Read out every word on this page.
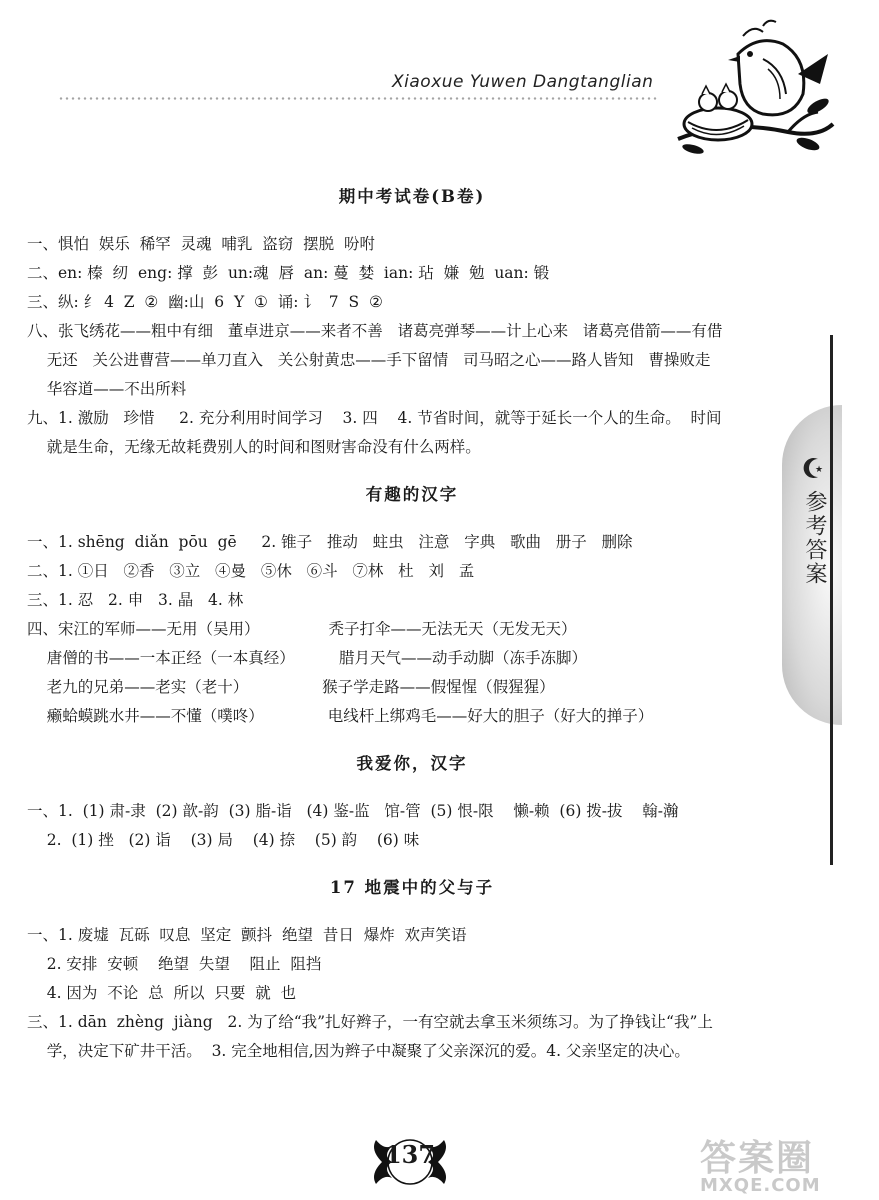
Xiaoxue Yuwen Dangtanglian
★
参考答案
期中考试卷(B卷)
一、惧怕  娱乐  稀罕  灵魂  哺乳  盗窃  摆脱  吩咐
二、en: 榛  纫  eng: 撑  彭  un:魂  唇  an: 蔓  婪  ian: 玷  嫌  勉  uan: 锻
三、纵: 纟 4  Z  ②  幽:山  6  Y  ①  诵: 讠  7  S  ②
八、张飞绣花——粗中有细   董卓进京——来者不善   诸葛亮弹琴——计上心来   诸葛亮借箭——有借
无还   关公进曹营——单刀直入   关公射黄忠——手下留情   司马昭之心——路人皆知   曹操败走
华容道——不出所料
九、1. 激励   珍惜     2. 充分利用时间学习    3. 四    4. 节省时间，就等于延长一个人的生命。  时间
就是生命，无缘无故耗费别人的时间和图财害命没有什么两样。
有趣的汉字
一、1. shēng  diǎn  pōu  gē     2. 锥子   推动   蛀虫   注意   字典   歌曲   册子   删除
二、1. ①日   ②香   ③立   ④曼   ⑤休   ⑥斗   ⑦林   杜   刘   孟
三、1. 忍   2. 申   3. 晶   4. 林
四、宋江的军师——无用（吴用）              秃子打伞——无法无天（无发无天）
唐僧的书——一本正经（一本真经）         腊月天气——动手动脚（冻手冻脚）
老九的兄弟——老实（老十）               猴子学走路——假惺惺（假猩猩）
癞蛤蟆跳水井——不懂（噗咚）             电线杆上绑鸡毛——好大的胆子（好大的掸子）
我爱你，汉字
一、1.  (1) 肃-隶  (2) 歆-韵  (3) 脂-诣   (4) 鉴-监   馆-管  (5) 恨-限    懒-赖  (6) 拨-拔    翰-瀚
2.  (1) 挫   (2) 诣    (3) 局    (4) 捺    (5) 韵    (6) 味
17 地震中的父与子
一、1. 废墟  瓦砾  叹息  坚定  颤抖  绝望  昔日  爆炸  欢声笑语
2. 安排  安顿    绝望  失望    阻止  阻挡
4. 因为  不论  总  所以  只要  就  也
三、1. dān  zhèng  jiàng   2. 为了给“我”扎好辫子，一有空就去拿玉米须练习。为了挣钱让“我”上
学，决定下矿井干活。  3. 完全地相信,因为辫子中凝聚了父亲深沉的爱。4. 父亲坚定的决心。
137	答案圈
MXQE.COM
